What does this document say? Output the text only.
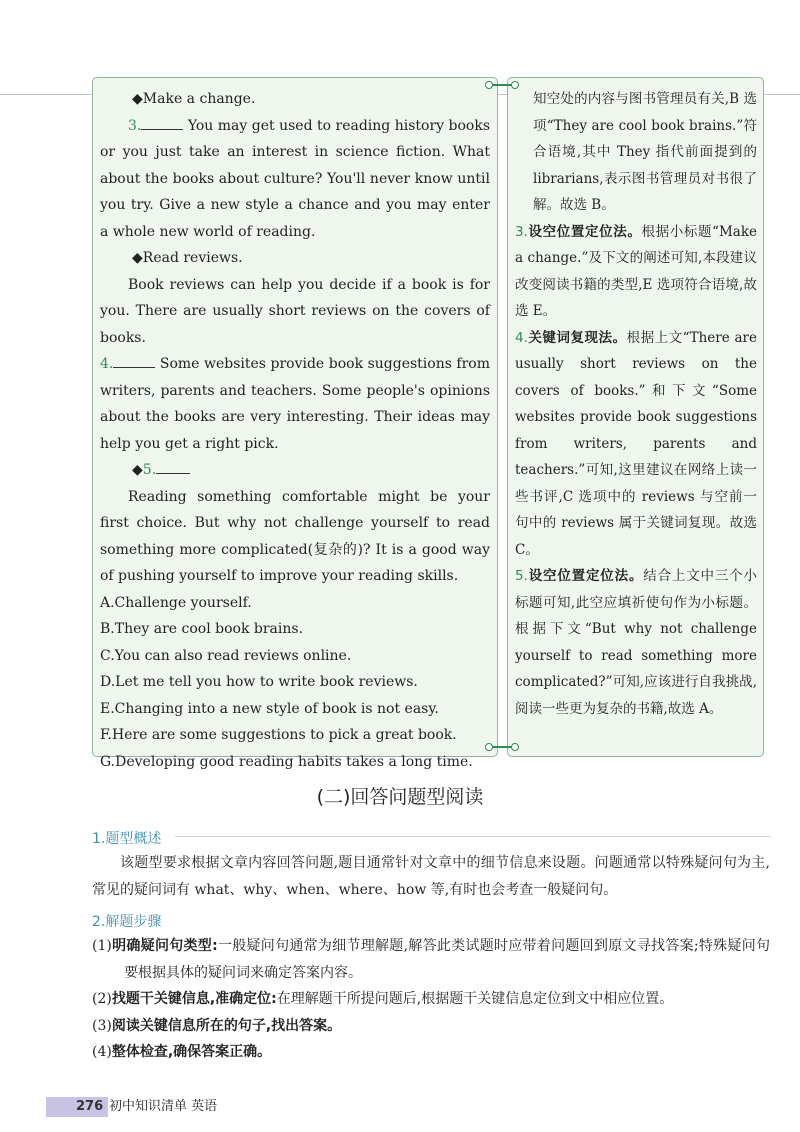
◆Make a change.

3.	You may get used to reading history books or you just take an interest in science fiction. What about the books about culture? You'll never know until you try. Give a new style a chance and you may enter a whole new world of reading.

◆Read reviews.

Book reviews can help you decide if a book is for you. There are usually short reviews on the covers of books.

4.	Some websites provide book suggestions from writers, parents and teachers. Some people's opinions about the books are very interesting. Their ideas may help you get a right pick.

◆5.

Reading something comfortable might be your first choice. But why not challenge yourself to read something more complicated(复杂的)? It is a good way of pushing yourself to improve your reading skills.

A.Challenge yourself.

B.They are cool book brains.

C.You can also read reviews online.

D.Let me tell you how to write book reviews.

E.Changing into a new style of book is not easy.

F.Here are some suggestions to pick a great book.

G.Developing good reading habits takes a long time.

知空处的内容与图书管理员有关,B 选项“They are cool book brains.”符合语境,其中 They 指代前面提到的 librarians,表示图书管理员对书很了解。故选 B。

3.设空位置定位法。根据小标题“Make a change.”及下文的阐述可知,本段建议改变阅读书籍的类型,E 选项符合语境,故选 E。

4.关键词复现法。根据上文“There are usually short reviews on the covers of books.”和下文“Some websites provide book suggestions from writers, parents and teachers.”可知,这里建议在网络上读一些书评,C 选项中的 reviews 与空前一句中的 reviews 属于关键词复现。故选 C。

5.设空位置定位法。结合上文中三个小标题可知,此空应填祈使句作为小标题。根据下文“But why not challenge yourself to read something more complicated?”可知,应该进行自我挑战,阅读一些更为复杂的书籍,故选 A。

(二)回答问题型阅读
1.题型概述

该题型要求根据文章内容回答问题,题目通常针对文章中的细节信息来设题。问题通常以特殊疑问句为主,常见的疑问词有 what、why、when、where、how 等,有时也会考查一般疑问句。

2.解题步骤

(1)明确疑问句类型:一般疑问句通常为细节理解题,解答此类试题时应带着问题回到原文寻找答案;特殊疑问句要根据具体的疑问词来确定答案内容。

(2)找题干关键信息,准确定位:在理解题干所提问题后,根据题干关键信息定位到文中相应位置。

(3)阅读关键信息所在的句子,找出答案。

(4)整体检查,确保答案正确。

276 初中知识清单 英语
